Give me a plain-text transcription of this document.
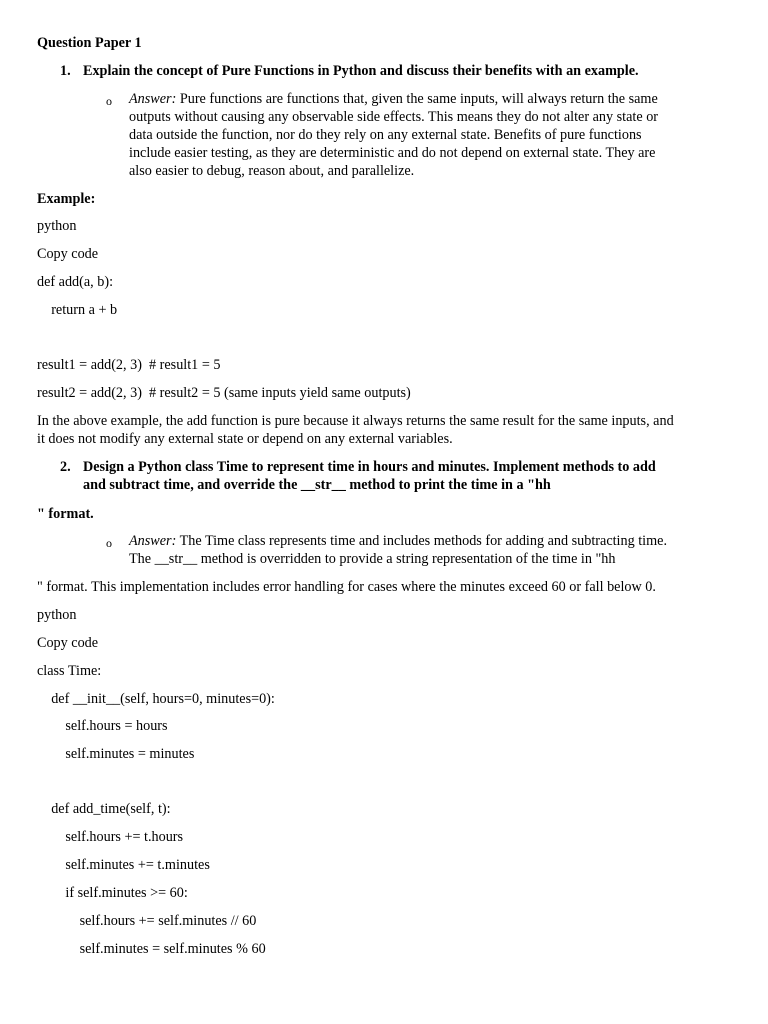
Question Paper 1
1. Explain the concept of Pure Functions in Python and discuss their benefits with an example.
o Answer: Pure functions are functions that, given the same inputs, will always return the same
outputs without causing any observable side effects. This means they do not alter any state or
data outside the function, nor do they rely on any external state. Benefits of pure functions
include easier testing, as they are deterministic and do not depend on external state. They are
also easier to debug, reason about, and parallelize.
Example:
python
Copy code
def add(a, b):
return a + b
result1 = add(2, 3)  # result1 = 5
result2 = add(2, 3)  # result2 = 5 (same inputs yield same outputs)
In the above example, the add function is pure because it always returns the same result for the same inputs, and
it does not modify any external state or depend on any external variables.
2. Design a Python class Time to represent time in hours and minutes. Implement methods to add
and subtract time, and override the __str__ method to print the time in a "hh
" format.
o Answer: The Time class represents time and includes methods for adding and subtracting time.
The __str__ method is overridden to provide a string representation of the time in "hh
" format. This implementation includes error handling for cases where the minutes exceed 60 or fall below 0.
python
Copy code
class Time:
def __init__(self, hours=0, minutes=0):
self.hours = hours
self.minutes = minutes
def add_time(self, t):
self.hours += t.hours
self.minutes += t.minutes
if self.minutes >= 60:
self.hours += self.minutes // 60
self.minutes = self.minutes % 60
